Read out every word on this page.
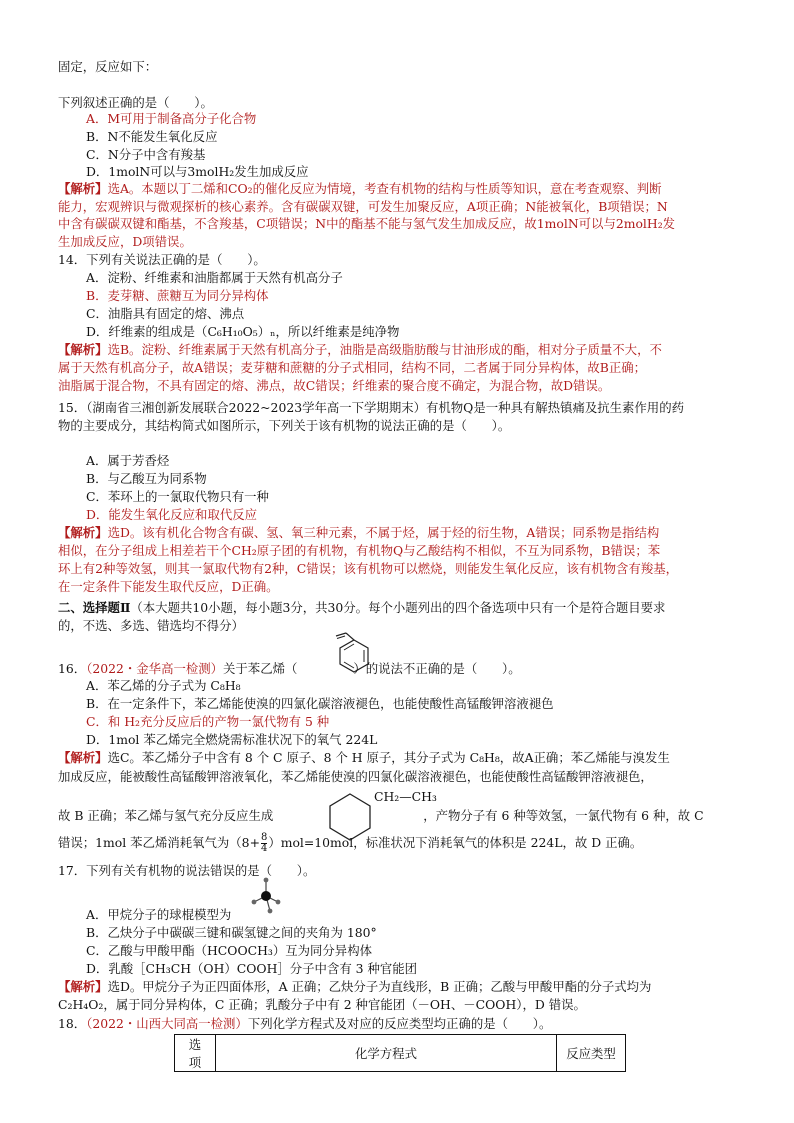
固定，反应如下：
下列叙述正确的是（　　）。
A．M可用于制备高分子化合物
B．N不能发生氧化反应
C．N分子中含有羧基
D．1molN可以与3molH₂发生加成反应
【解析】选A。本题以丁二烯和CO₂的催化反应为情境，考查有机物的结构与性质等知识，意在考查观察、判断
能力，宏观辨识与微观探析的核心素养。含有碳碳双键，可发生加聚反应，A项正确；N能被氧化，B项错误；N
中含有碳碳双键和酯基，不含羧基，C项错误；N中的酯基不能与氢气发生加成反应，故1molN可以与2molH₂发
生加成反应，D项错误。
14．下列有关说法正确的是（　　）。
A．淀粉、纤维素和油脂都属于天然有机高分子
B．麦芽糖、蔗糖互为同分异构体
C．油脂具有固定的熔、沸点
D．纤维素的组成是（C₆H₁₀O₅）ₙ，所以纤维素是纯净物
【解析】选B。淀粉、纤维素属于天然有机高分子，油脂是高级脂肪酸与甘油形成的酯，相对分子质量不大，不
属于天然有机高分子，故A错误；麦芽糖和蔗糖的分子式相同，结构不同，二者属于同分异构体，故B正确；
油脂属于混合物，不具有固定的熔、沸点，故C错误；纤维素的聚合度不确定，为混合物，故D错误。
15．（湖南省三湘创新发展联合2022~2023学年高一下学期期末）有机物Q是一种具有解热镇痛及抗生素作用的药
物的主要成分，其结构简式如图所示，下列关于该有机物的说法正确的是（　　）。
A．属于芳香烃
B．与乙酸互为同系物
C．苯环上的一氯取代物只有一种
D．能发生氧化反应和取代反应
【解析】选D。该有机化合物含有碳、氢、氧三种元素，不属于烃，属于烃的衍生物，A错误；同系物是指结构
相似，在分子组成上相差若干个CH₂原子团的有机物，有机物Q与乙酸结构不相似，不互为同系物，B错误；苯
环上有2种等效氢，则其一氯取代物有2种，C错误；该有机物可以燃烧，则能发生氧化反应，该有机物含有羧基，
在一定条件下能发生取代反应，D正确。
二、选择题Ⅱ（本大题共10小题，每小题3分，共30分。每个小题列出的四个备选项中只有一个是符合题目要求
的，不选、多选、错选均不得分）
16．（2022・金华高一检测）关于苯乙烯（	）的说法不正确的是（　　）。
A．苯乙烯的分子式为 C₈H₈
B．在一定条件下，苯乙烯能使溴的四氯化碳溶液褪色，也能使酸性高锰酸钾溶液褪色
C．和 H₂充分反应后的产物一氯代物有 5 种
D．1mol 苯乙烯完全燃烧需标准状况下的氧气 224L
【解析】选C。苯乙烯分子中含有 8 个 C 原子、8 个 H 原子，其分子式为 C₈H₈，故A正确；苯乙烯能与溴发生
加成反应，能被酸性高锰酸钾溶液氧化，苯乙烯能使溴的四氯化碳溶液褪色，也能使酸性高锰酸钾溶液褪色，
CH₂—CH₃
故 B 正确；苯乙烯与氢气充分反应生成	，产物分子有 6 种等效氢，一氯代物有 6 种，故 C
错误；1mol 苯乙烯消耗氧气为$(8+ \frac{8}{4} )mol=10mol$，标准状况下消耗氧气的体积是 224L，故 D 正确。
17．下列有关有机物的说法错误的是（　　）。
A．甲烷分子的球棍模型为
B．乙炔分子中碳碳三键和碳氢键之间的夹角为 180°
C．乙酸与甲酸甲酯（HCOOCH₃）互为同分异构体
D．乳酸［CH₃CH（OH）COOH］分子中含有 3 种官能团
【解析】选D。甲烷分子为正四面体形，A 正确；乙炔分子为直线形，B 正确；乙酸与甲酸甲酯的分子式均为
C₂H₄O₂，属于同分异构体，C 正确；乳酸分子中有 2 种官能团（－OH、－COOH），D 错误。
18．（2022・山西大同高一检测）下列化学方程式及对应的反应类型均正确的是（　　）。
选项	化学方程式	反应类型
